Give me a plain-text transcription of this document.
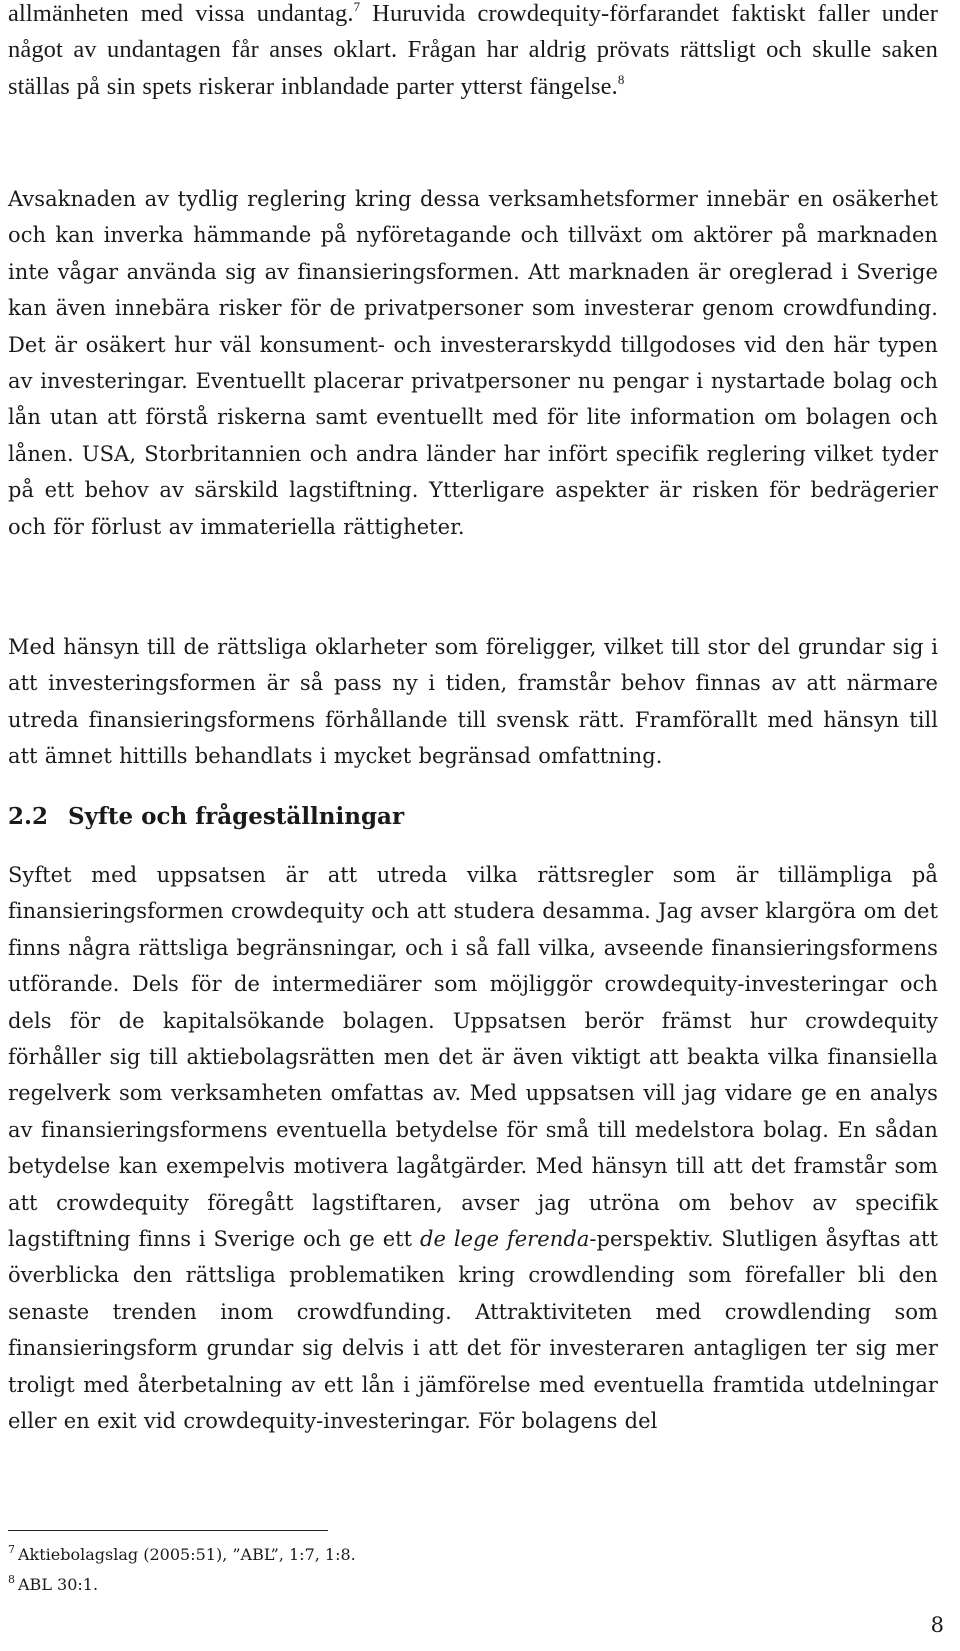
allmänheten med vissa undantag.$^7$ Huruvida crowdequity-förfarandet faktiskt faller under något av undantagen får anses oklart. Frågan har aldrig prövats rättsligt och skulle saken ställas på sin spets riskerar inblandade parter ytterst fängelse.$^8$

Avsaknaden av tydlig reglering kring dessa verksamhetsformer innebär en osäkerhet och kan inverka hämmande på nyföretagande och tillväxt om aktörer på marknaden inte vågar använda sig av finansieringsformen. Att marknaden är oreglerad i Sverige kan även innebära risker för de privatpersoner som investerar genom crowdfunding. Det är osäkert hur väl konsument- och investerarskydd tillgodoses vid den här typen av investeringar. Eventuellt placerar privatpersoner nu pengar i nystartade bolag och lån utan att förstå riskerna samt eventuellt med för lite information om bolagen och lånen. USA, Storbritannien och andra länder har infört specifik reglering vilket tyder på ett behov av särskild lagstiftning. Ytterligare aspekter är risken för bedrägerier och för förlust av immateriella rättigheter.

Med hänsyn till de rättsliga oklarheter som föreligger, vilket till stor del grundar sig i att investeringsformen är så pass ny i tiden, framstår behov finnas av att närmare utreda finansieringsformens förhållande till svensk rätt. Framförallt med hänsyn till att ämnet hittills behandlats i mycket begränsad omfattning.

2.2 Syfte och frågeställningar

Syftet med uppsatsen är att utreda vilka rättsregler som är tillämpliga på finansieringsformen crowdequity och att studera desamma. Jag avser klargöra om det finns några rättsliga begränsningar, och i så fall vilka, avseende finansieringsformens utförande. Dels för de intermediärer som möjliggör crowdequity-investeringar och dels för de kapitalsökande bolagen. Uppsatsen berör främst hur crowdequity förhåller sig till aktiebolagsrätten men det är även viktigt att beakta vilka finansiella regelverk som verksamheten omfattas av. Med uppsatsen vill jag vidare ge en analys av finansieringsformens eventuella betydelse för små till medelstora bolag. En sådan betydelse kan exempelvis motivera lagåtgärder. Med hänsyn till att det framstår som att crowdequity föregått lagstiftaren, avser jag utröna om behov av specifik lagstiftning finns i Sverige och ge ett de lege ferenda-perspektiv. Slutligen åsyftas att överblicka den rättsliga problematiken kring crowdlending som förefaller bli den senaste trenden inom crowdfunding. Attraktiviteten med crowdlending som finansieringsform grundar sig delvis i att det för investeraren antagligen ter sig mer troligt med återbetalning av ett lån i jämförelse med eventuella framtida utdelningar eller en exit vid crowdequity-investeringar. För bolagens del

$^7$ Aktiebolagslag (2005:51), ”ABL”, 1:7, 1:8.
$^8$ ABL 30:1.
8
